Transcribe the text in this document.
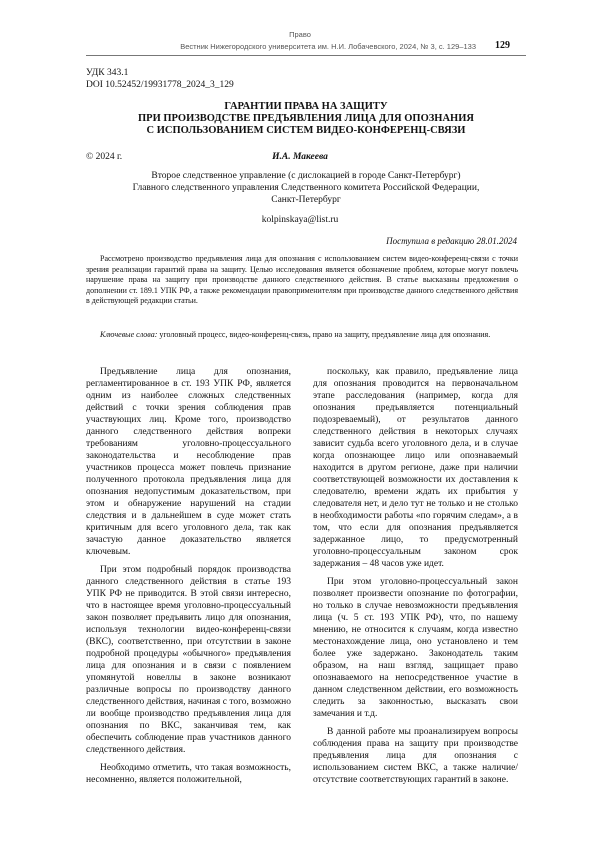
Право
Вестник Нижегородского университета им. Н.И. Лобачевского, 2024, № 3, с. 129–133 129
УДК 343.1
DOI 10.52452/19931778_2024_3_129
ГАРАНТИИ ПРАВА НА ЗАЩИТУ
ПРИ ПРОИЗВОДСТВЕ ПРЕДЪЯВЛЕНИЯ ЛИЦА ДЛЯ ОПОЗНАНИЯ
С ИСПОЛЬЗОВАНИЕМ СИСТЕМ ВИДЕО-КОНФЕРЕНЦ-СВЯЗИ
© 2024 г.	И.А. Макеева
Второе следственное управление (с дислокацией в городе Санкт-Петербург)
Главного следственного управления Следственного комитета Российской Федерации,
Санкт-Петербург
kolpinskaya@list.ru
Поступила в редакцию 28.01.2024

Рассмотрено производство предъявления лица для опознания с использованием систем видео-конференц-связи с точки зрения реализации гарантий права на защиту. Целью исследования является обозначение проблем, которые могут повлечь нарушение права на защиту при производстве данного следственного действия. В статье высказаны предложения о дополнении ст. 189.1 УПК РФ, а также рекомендации правоприменителям при производстве данного следственного действия в действующей редакции статьи.

Ключевые слова: уголовный процесс, видео-конференц-связь, право на защиту, предъявление лица для опознания.

Предъявление лица для опознания, регламентированное в ст. 193 УПК РФ, является одним из наиболее сложных следственных действий с точки зрения соблюдения прав участвующих лиц. Кроме того, производство данного следственного действия вопреки требованиям уголовно-процессуального законодательства и несоблюдение прав участников процесса может повлечь признание полученного протокола предъявления лица для опознания недопустимым доказательством, при этом и обнаружение нарушений на стадии следствия и в дальнейшем в суде может стать критичным для всего уголовного дела, так как зачастую данное доказательство является ключевым.

При этом подробный порядок производства данного следственного действия в статье 193 УПК РФ не приводится. В этой связи интересно, что в настоящее время уголовно-процессуальный закон позволяет предъявить лицо для опознания, используя технологии видео-конференц-связи (ВКС), соответственно, при отсутствии в законе подробной процедуры «обычного» предъявления лица для опознания и в связи с появлением упомянутой новеллы в законе возникают различные вопросы по производству данного следственного действия, начиная с того, возможно ли вообще производство предъявления лица для опознания по ВКС, заканчивая тем, как обеспечить соблюдение прав участников данного следственного действия.

Необходимо отметить, что такая возможность, несомненно, является положительной,

поскольку, как правило, предъявление лица для опознания проводится на первоначальном этапе расследования (например, когда для опознания предъявляется потенциальный подозреваемый), от результатов данного следственного действия в некоторых случаях зависит судьба всего уголовного дела, и в случае когда опознающее лицо или опознаваемый находится в другом регионе, даже при наличии соответствующей возможности их доставления к следователю, времени ждать их прибытия у следователя нет, и дело тут не только и не столько в необходимости работы «по горячим следам», а в том, что если для опознания предъявляется задержанное лицо, то предусмотренный уголовно-процессуальным законом срок задержания – 48 часов уже идет.

При этом уголовно-процессуальный закон позволяет произвести опознание по фотографии, но только в случае невозможности предъявления лица (ч. 5 ст. 193 УПК РФ), что, по нашему мнению, не относится к случаям, когда известно местонахождение лица, оно установлено и тем более уже задержано. Законодатель таким образом, на наш взгляд, защищает право опознаваемого на непосредственное участие в данном следственном действии, его возможность следить за законностью, высказать свои замечания и т.д.

В данной работе мы проанализируем вопросы соблюдения права на защиту при производстве предъявления лица для опознания с использованием систем ВКС, а также наличие/отсутствие соответствующих гарантий в законе.
